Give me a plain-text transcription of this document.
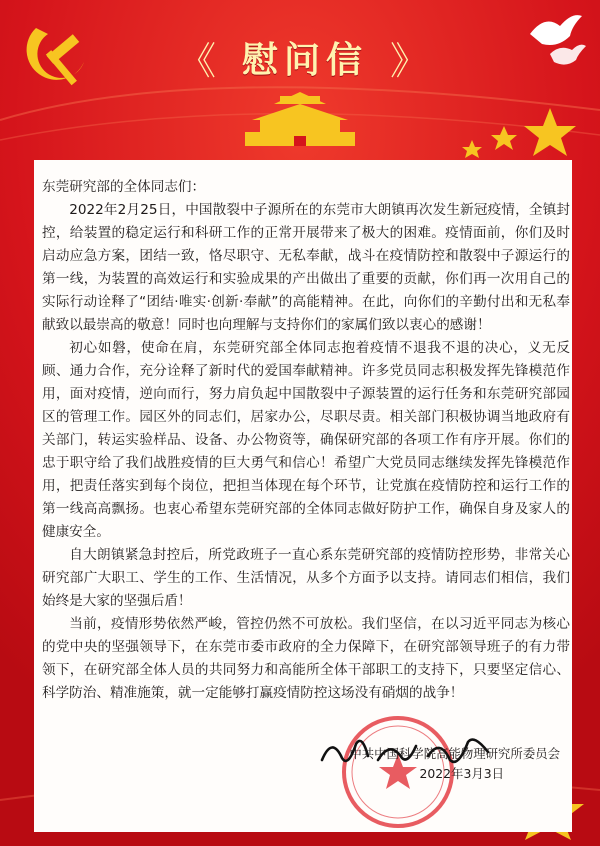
《 慰问信 》

东莞研究部的全体同志们：

2022年2月25日，中国散裂中子源所在的东莞市大朗镇再次发生新冠疫情，全镇封控，给装置的稳定运行和科研工作的正常开展带来了极大的困难。疫情面前，你们及时启动应急方案，团结一致，恪尽职守、无私奉献，战斗在疫情防控和散裂中子源运行的第一线，为装置的高效运行和实验成果的产出做出了重要的贡献，你们再一次用自己的实际行动诠释了“团结·唯实·创新·奉献”的高能精神。在此，向你们的辛勤付出和无私奉献致以最崇高的敬意！同时也向理解与支持你们的家属们致以衷心的感谢！

初心如磐，使命在肩，东莞研究部全体同志抱着疫情不退我不退的决心，义无反顾、通力合作，充分诠释了新时代的爱国奉献精神。许多党员同志积极发挥先锋模范作用，面对疫情，逆向而行，努力肩负起中国散裂中子源装置的运行任务和东莞研究部园区的管理工作。园区外的同志们，居家办公，尽职尽责。相关部门积极协调当地政府有关部门，转运实验样品、设备、办公物资等，确保研究部的各项工作有序开展。你们的忠于职守给了我们战胜疫情的巨大勇气和信心！希望广大党员同志继续发挥先锋模范作用，把责任落实到每个岗位，把担当体现在每个环节，让党旗在疫情防控和运行工作的第一线高高飘扬。也衷心希望东莞研究部的全体同志做好防护工作，确保自身及家人的健康安全。

自大朗镇紧急封控后，所党政班子一直心系东莞研究部的疫情防控形势，非常关心研究部广大职工、学生的工作、生活情况，从多个方面予以支持。请同志们相信，我们始终是大家的坚强后盾！

当前，疫情形势依然严峻，管控仍然不可放松。我们坚信，在以习近平同志为核心的党中央的坚强领导下，在东莞市委市政府的全力保障下，在研究部领导班子的有力带领下，在研究部全体人员的共同努力和高能所全体干部职工的支持下，只要坚定信心、科学防治、精准施策，就一定能够打赢疫情防控这场没有硝烟的战争！

中共中国科学院高能物理研究所委员会
2022年3月3日
